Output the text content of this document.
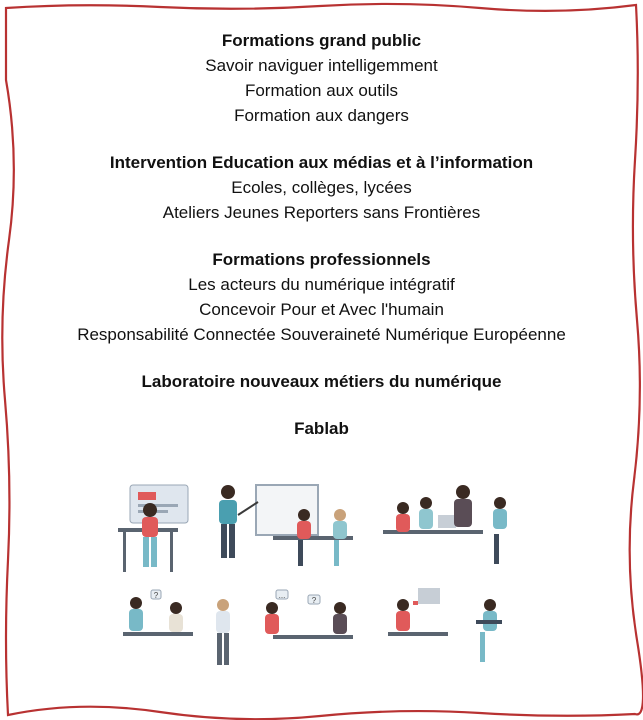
Formations grand public
Savoir naviguer intelligemment
Formation aux outils
Formation aux dangers
Intervention Education aux médias et à l’information
Ecoles, collèges, lycées
Ateliers Jeunes Reporters sans Frontières
Formations professionnels
Les acteurs du numérique intégratif
Concevoir Pour et Avec l'humain
Responsabilité Connectée Souveraineté Numérique Européenne
Laboratoire nouveaux métiers du numérique
Fablab
?	...
?
